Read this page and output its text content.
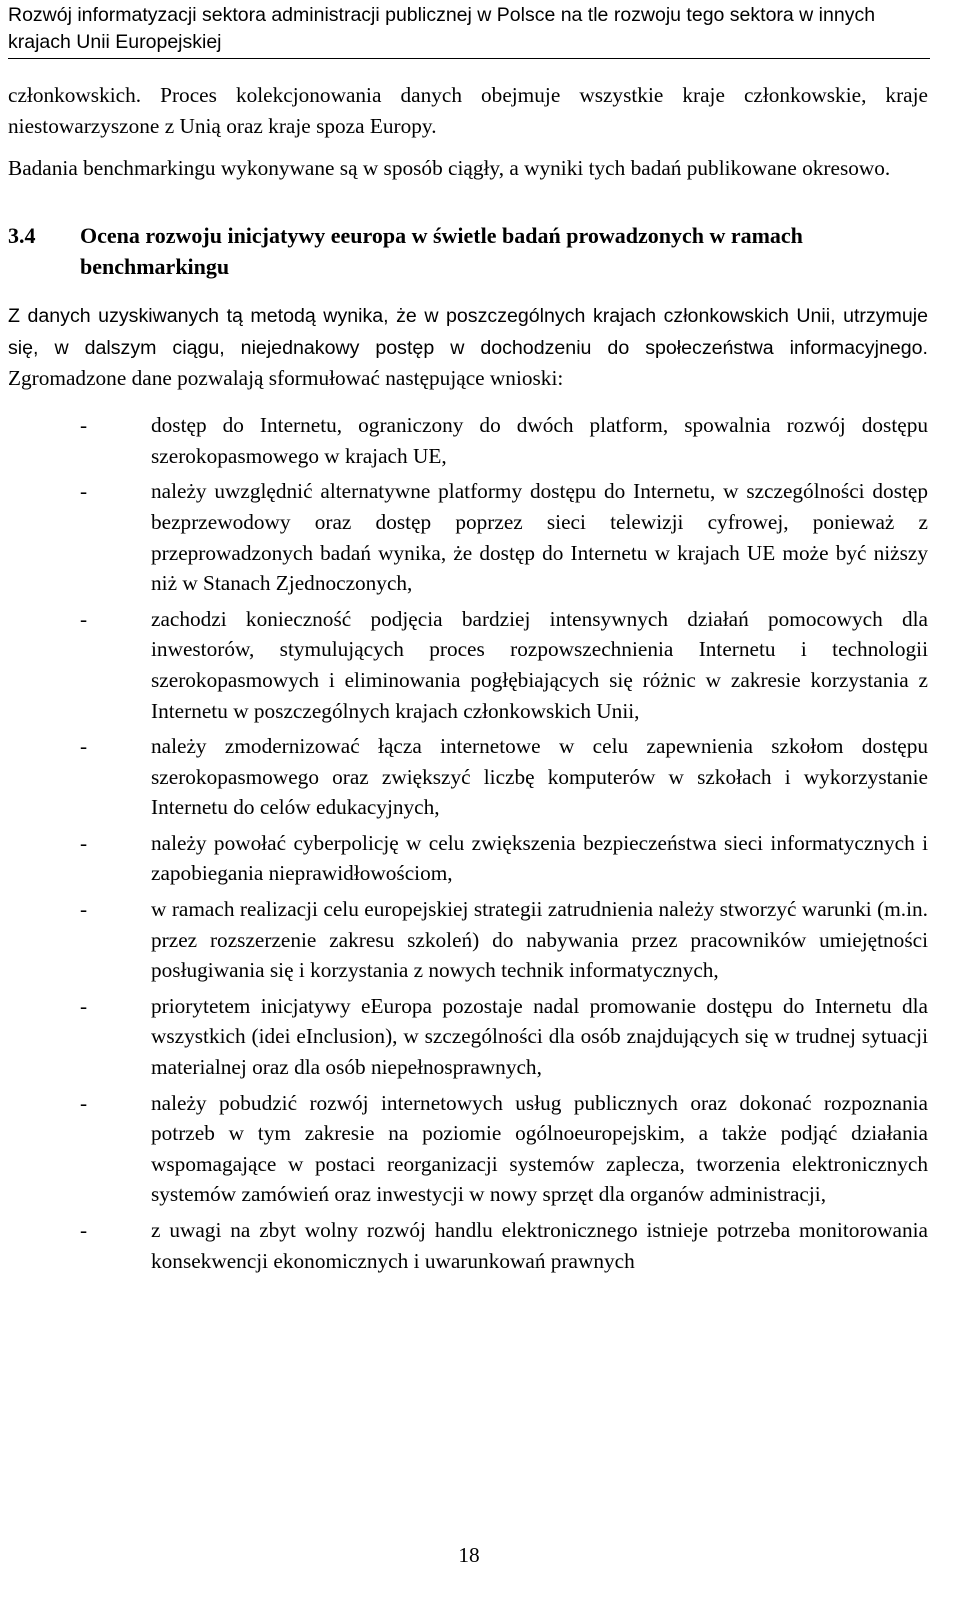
Rozwój informatyzacji sektora administracji publicznej w Polsce na tle rozwoju tego sektora w innych krajach Unii Europejskiej

członkowskich. Proces kolekcjonowania danych obejmuje wszystkie kraje członkowskie, kraje niestowarzyszone z Unią oraz kraje spoza Europy.

Badania benchmarkingu wykonywane są w sposób ciągły, a wyniki tych badań publikowane okresowo.

3.4	Ocena rozwoju inicjatywy eeuropa w świetle badań prowadzonych w ramach benchmarkingu

Z danych uzyskiwanych tą metodą wynika, że w poszczególnych krajach członkowskich Unii, utrzymuje się, w dalszym ciągu, niejednakowy postęp w dochodzeniu do społeczeństwa informacyjnego. Zgromadzone dane pozwalają sformułować następujące wnioski:

-	dostęp do Internetu, ograniczony do dwóch platform, spowalnia rozwój dostępu szerokopasmowego w krajach UE,
-	należy uwzględnić alternatywne platformy dostępu do Internetu, w szczególności dostęp bezprzewodowy oraz dostęp poprzez sieci telewizji cyfrowej, ponieważ z przeprowadzonych badań wynika, że dostęp do Internetu w krajach UE może być niższy niż w Stanach Zjednoczonych,
-	zachodzi konieczność podjęcia bardziej intensywnych działań pomocowych dla inwestorów, stymulujących proces rozpowszechnienia Internetu i technologii szerokopasmowych i eliminowania pogłębiających się różnic w zakresie korzystania z Internetu w poszczególnych krajach członkowskich Unii,
-	należy zmodernizować łącza internetowe w celu zapewnienia szkołom dostępu szerokopasmowego oraz zwiększyć liczbę komputerów w szkołach i wykorzystanie Internetu do celów edukacyjnych,
-	należy powołać cyberpolicję w celu zwiększenia bezpieczeństwa sieci informatycznych i zapobiegania nieprawidłowościom,
-	w ramach realizacji celu europejskiej strategii zatrudnienia należy stworzyć warunki (m.in. przez rozszerzenie zakresu szkoleń) do nabywania przez pracowników umiejętności posługiwania się i korzystania z nowych technik informatycznych,
-	priorytetem inicjatywy eEuropa pozostaje nadal promowanie dostępu do Internetu dla wszystkich (idei eInclusion), w szczególności dla osób znajdujących się w trudnej sytuacji materialnej oraz dla osób niepełnosprawnych,
-	należy pobudzić rozwój internetowych usług publicznych oraz dokonać rozpoznania potrzeb w tym zakresie na poziomie ogólnoeuropejskim, a także podjąć działania wspomagające w postaci reorganizacji systemów zaplecza, tworzenia elektronicznych systemów zamówień oraz inwestycji w nowy sprzęt dla organów administracji,
-	z uwagi na zbyt wolny rozwój handlu elektronicznego istnieje potrzeba monitorowania konsekwencji ekonomicznych i uwarunkowań prawnych
18
